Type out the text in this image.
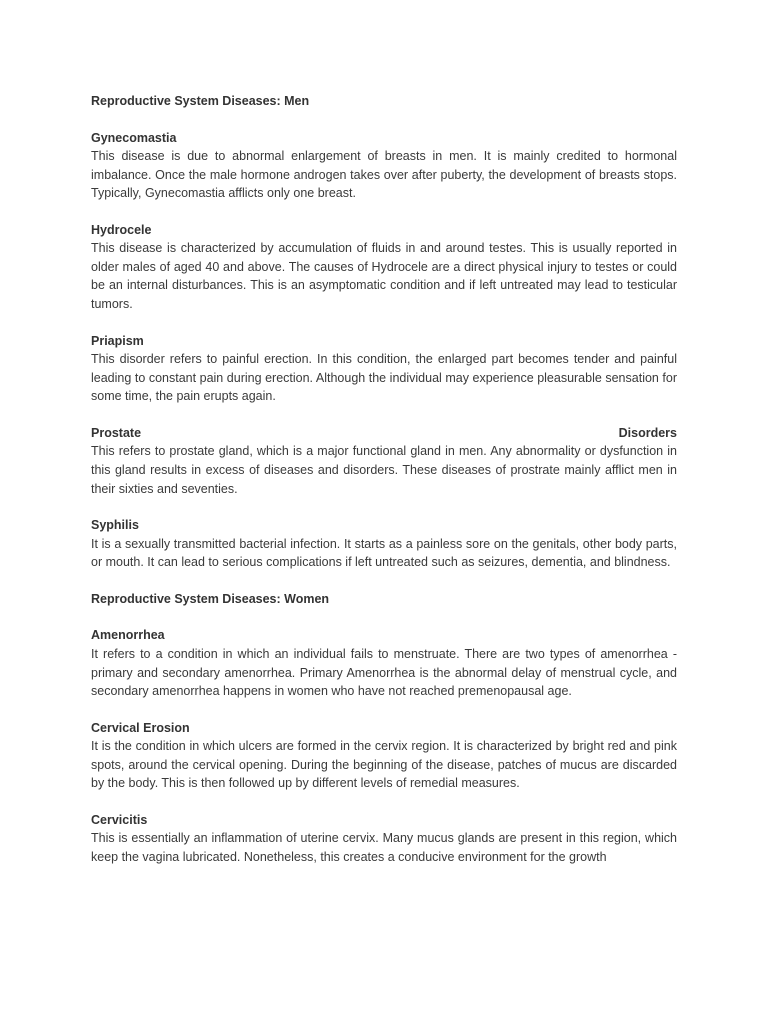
Reproductive System Diseases: Men
Gynecomastia
This disease is due to abnormal enlargement of breasts in men. It is mainly credited to hormonal imbalance. Once the male hormone androgen takes over after puberty, the development of breasts stops. Typically, Gynecomastia afflicts only one breast.
Hydrocele
This disease is characterized by accumulation of fluids in and around testes. This is usually reported in older males of aged 40 and above. The causes of Hydrocele are a direct physical injury to testes or could be an internal disturbances. This is an asymptomatic condition and if left untreated may lead to testicular tumors.
Priapism
This disorder refers to painful erection. In this condition, the enlarged part becomes tender and painful leading to constant pain during erection. Although the individual may experience pleasurable sensation for some time, the pain erupts again.
Prostate	Disorders
This refers to prostate gland, which is a major functional gland in men. Any abnormality or dysfunction in this gland results in excess of diseases and disorders. These diseases of prostrate mainly afflict men in their sixties and seventies.
Syphilis
It is a sexually transmitted bacterial infection. It starts as a painless sore on the genitals, other body parts, or mouth. It can lead to serious complications if left untreated such as seizures, dementia, and blindness.
Reproductive System Diseases: Women
Amenorrhea
It refers to a condition in which an individual fails to menstruate. There are two types of amenorrhea -primary and secondary amenorrhea. Primary Amenorrhea is the abnormal delay of menstrual cycle, and secondary amenorrhea happens in women who have not reached premenopausal age.
Cervical Erosion
It is the condition in which ulcers are formed in the cervix region. It is characterized by bright red and pink spots, around the cervical opening. During the beginning of the disease, patches of mucus are discarded by the body. This is then followed up by different levels of remedial measures.
Cervicitis
This is essentially an inflammation of uterine cervix. Many mucus glands are present in this region, which keep the vagina lubricated. Nonetheless, this creates a conducive environment for the growth
